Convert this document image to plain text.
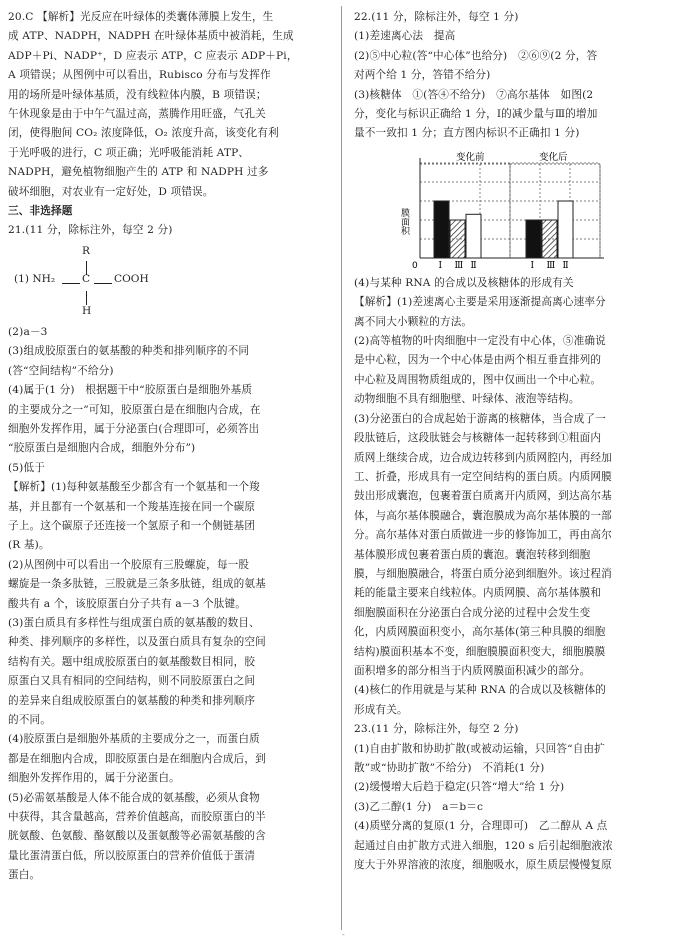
20.C 【解析】光反应在叶绿体的类囊体薄膜上发生，生
成 ATP、NADPH，NADPH 在叶绿体基质中被消耗，生成
ADP＋Pi、NADP⁺，D 应表示 ATP，C 应表示 ADP＋Pi，
A 项错误；从图例中可以看出，Rubisco 分布与发挥作
用的场所是叶绿体基质，没有线粒体内膜，B 项错误；
午休现象是由于中午气温过高，蒸腾作用旺盛，气孔关
闭，使得胞间 CO₂ 浓度降低，O₂ 浓度升高，该变化有利
于光呼吸的进行，C 项正确；光呼吸能消耗 ATP、
NADPH，避免植物细胞产生的 ATP 和 NADPH 过多
破坏细胞，对农业有一定好处，D 项错误。

三、非选择题

21.(11 分，除标注外，每空 2 分)

R
(1) NH₂	C COOH
H

(2)a－3
(3)组成胶原蛋白的氨基酸的种类和排列顺序的不同
(答“空间结构”不给分)
(4)属于(1 分)　根据题干中“胶原蛋白是细胞外基质
的主要成分之一”可知，胶原蛋白是在细胞内合成，在
细胞外发挥作用，属于分泌蛋白(合理即可，必须答出
“胶原蛋白是细胞内合成，细胞外分布”)
(5)低于
【解析】(1)每种氨基酸至少都含有一个氨基和一个羧
基，并且都有一个氨基和一个羧基连接在同一个碳原
子上。这个碳原子还连接一个氢原子和一个侧链基团
(R 基)。
(2)从图例中可以看出一个胶原有三股螺旋，每一股
螺旋是一条多肽链，三股就是三条多肽链，组成的氨基
酸共有 a 个，该胶原蛋白分子共有 a－3 个肽键。
(3)蛋白质具有多样性与组成蛋白质的氨基酸的数目、
种类、排列顺序的多样性，以及蛋白质具有复杂的空间
结构有关。题中组成胶原蛋白的氨基酸数目相同，胶
原蛋白又具有相同的空间结构，则不同胶原蛋白之间
的差异来自组成胶原蛋白的氨基酸的种类和排列顺序
的不同。
(4)胶原蛋白是细胞外基质的主要成分之一，而蛋白质
都是在细胞内合成，即胶原蛋白是在细胞内合成后，到
细胞外发挥作用的，属于分泌蛋白。
(5)必需氨基酸是人体不能合成的氨基酸，必须从食物
中获得，其含量越高，营养价值越高，而胶原蛋白的半
胱氨酸、色氨酸、酪氨酸以及蛋氨酸等必需氨基酸的含
量比蛋清蛋白低，所以胶原蛋白的营养价值低于蛋清
蛋白。

22.(11 分，除标注外，每空 1 分)
(1)差速离心法　提高
(2)⑤中心粒(答“中心体”也给分)　②⑥⑨(2 分，答
对两个给 1 分，答错不给分)
(3)核糖体　①(答④不给分)　⑦高尔基体　如图(2
分，变化与标识正确给 1 分，Ⅰ的减少量与Ⅲ的增加
量不一致扣 1 分；直方图内标识不正确扣 1 分)

膜面积
0
变化前	变化后
Ⅰ Ⅲ Ⅱ	Ⅰ Ⅲ Ⅱ

(4)与某种 RNA 的合成以及核糖体的形成有关
【解析】(1)差速离心主要是采用逐渐提高离心速率分
离不同大小颗粒的方法。
(2)高等植物的叶肉细胞中一定没有中心体，⑤准确说
是中心粒，因为一个中心体是由两个相互垂直排列的
中心粒及周围物质组成的，图中仅画出一个中心粒。
动物细胞不具有细胞壁、叶绿体、液泡等结构。
(3)分泌蛋白的合成起始于游离的核糖体，当合成了一
段肽链后，这段肽链会与核糖体一起转移到①粗面内
质网上继续合成，边合成边转移到内质网腔内，再经加
工、折叠，形成具有一定空间结构的蛋白质。内质网膜
鼓出形成囊泡，包裹着蛋白质离开内质网，到达高尔基
体，与高尔基体膜融合，囊泡膜成为高尔基体膜的一部
分。高尔基体对蛋白质做进一步的修饰加工，再由高尔
基体膜形成包裹着蛋白质的囊泡。囊泡转移到细胞
膜，与细胞膜融合，将蛋白质分泌到细胞外。该过程消
耗的能量主要来自线粒体。内质网膜、高尔基体膜和
细胞膜面积在分泌蛋白合成分泌的过程中会发生变
化，内质网膜面积变小，高尔基体(第三种具膜的细胞
结构)膜面积基本不变，细胞膜膜面积变大，细胞膜膜
面积增多的部分相当于内质网膜面积减少的部分。
(4)核仁的作用就是与某种 RNA 的合成以及核糖体的
形成有关。

23.(11 分，除标注外，每空 2 分)
(1)自由扩散和协助扩散(或被动运输，只回答“自由扩
散”或“协助扩散”不给分)　不消耗(1 分)
(2)缓慢增大后趋于稳定(只答“增大”给 1 分)
(3)乙二醇(1 分)　a＝b＝c
(4)质壁分离的复原(1 分，合理即可)　乙二醇从 A 点
起通过自由扩散方式进入细胞，120 s 后引起细胞液浓
度大于外界溶液的浓度，细胞吸水，原生质层慢慢复原

-
